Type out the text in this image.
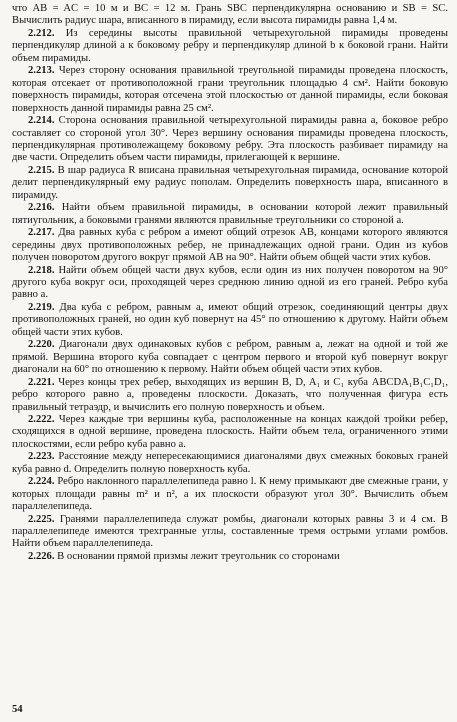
что AB = AC = 10 м и BC = 12 м. Грань SBC перпендикулярна основанию и SB = SC. Вычислить радиус шара, вписанного в пирамиду, если высота пирамиды равна 1,4 м.

2.212. Из середины высоты правильной четырехугольной пирамиды проведены перпендикуляр длиной a к боковому ребру и перпендикуляр длиной b к боковой грани. Найти объем пирамиды.

2.213. Через сторону основания правильной треугольной пирамиды проведена плоскость, которая отсекает от противоположной грани треугольник площадью 4 см². Найти боковую поверхность пирамиды, которая отсечена этой плоскостью от данной пирамиды, если боковая поверхность данной пирамиды равна 25 см².

2.214. Сторона основания правильной четырехугольной пирамиды равна a, боковое ребро составляет со стороной угол 30°. Через вершину основания пирамиды проведена плоскость, перпендикулярная противолежащему боковому ребру. Эта плоскость разбивает пирамиду на две части. Определить объем части пирамиды, прилегающей к вершине.

2.215. В шар радиуса R вписана правильная четырехугольная пирамида, основание которой делит перпендикулярный ему радиус пополам. Определить поверхность шара, вписанного в пирамиду.

2.216. Найти объем правильной пирамиды, в основании которой лежит правильный пятиугольник, а боковыми гранями являются правильные треугольники со стороной a.

2.217. Два равных куба с ребром a имеют общий отрезок AB, концами которого являются середины двух противоположных ребер, не принадлежащих одной грани. Один из кубов получен поворотом другого вокруг прямой AB на 90°. Найти объем общей части этих кубов.

2.218. Найти объем общей части двух кубов, если один из них получен поворотом на 90° другого куба вокруг оси, проходящей через среднюю линию одной из его граней. Ребро куба равно a.

2.219. Два куба с ребром, равным a, имеют общий отрезок, соединяющий центры двух противоположных граней, но один куб повернут на 45° по отношению к другому. Найти объем общей части этих кубов.

2.220. Диагонали двух одинаковых кубов с ребром, равным a, лежат на одной и той же прямой. Вершина второго куба совпадает с центром первого и второй куб повернут вокруг диагонали на 60° по отношению к первому. Найти объем общей части этих кубов.

2.221. Через концы трех ребер, выходящих из вершин B, D, A₁ и C₁ куба ABCDA₁B₁C₁D₁, ребро которого равно a, проведены плоскости. Доказать, что полученная фигура есть правильный тетраэдр, и вычислить его полную поверхность и объем.

2.222. Через каждые три вершины куба, расположенные на концах каждой тройки ребер, сходящихся в одной вершине, проведена плоскость. Найти объем тела, ограниченного этими плоскостями, если ребро куба равно a.

2.223. Расстояние между непересекающимися диагоналями двух смежных боковых граней куба равно d. Определить полную поверхность куба.

2.224. Ребро наклонного параллелепипеда равно l. К нему примыкают две смежные грани, у которых площади равны m² и n², а их плоскости образуют угол 30°. Вычислить объем параллелепипеда.

2.225. Гранями параллелепипеда служат ромбы, диагонали которых равны 3 и 4 см. В параллелепипеде имеются трехгранные углы, составленные тремя острыми углами ромбов. Найти объем параллелепипеда.

2.226. В основании прямой призмы лежит треугольник со сторонами

54
